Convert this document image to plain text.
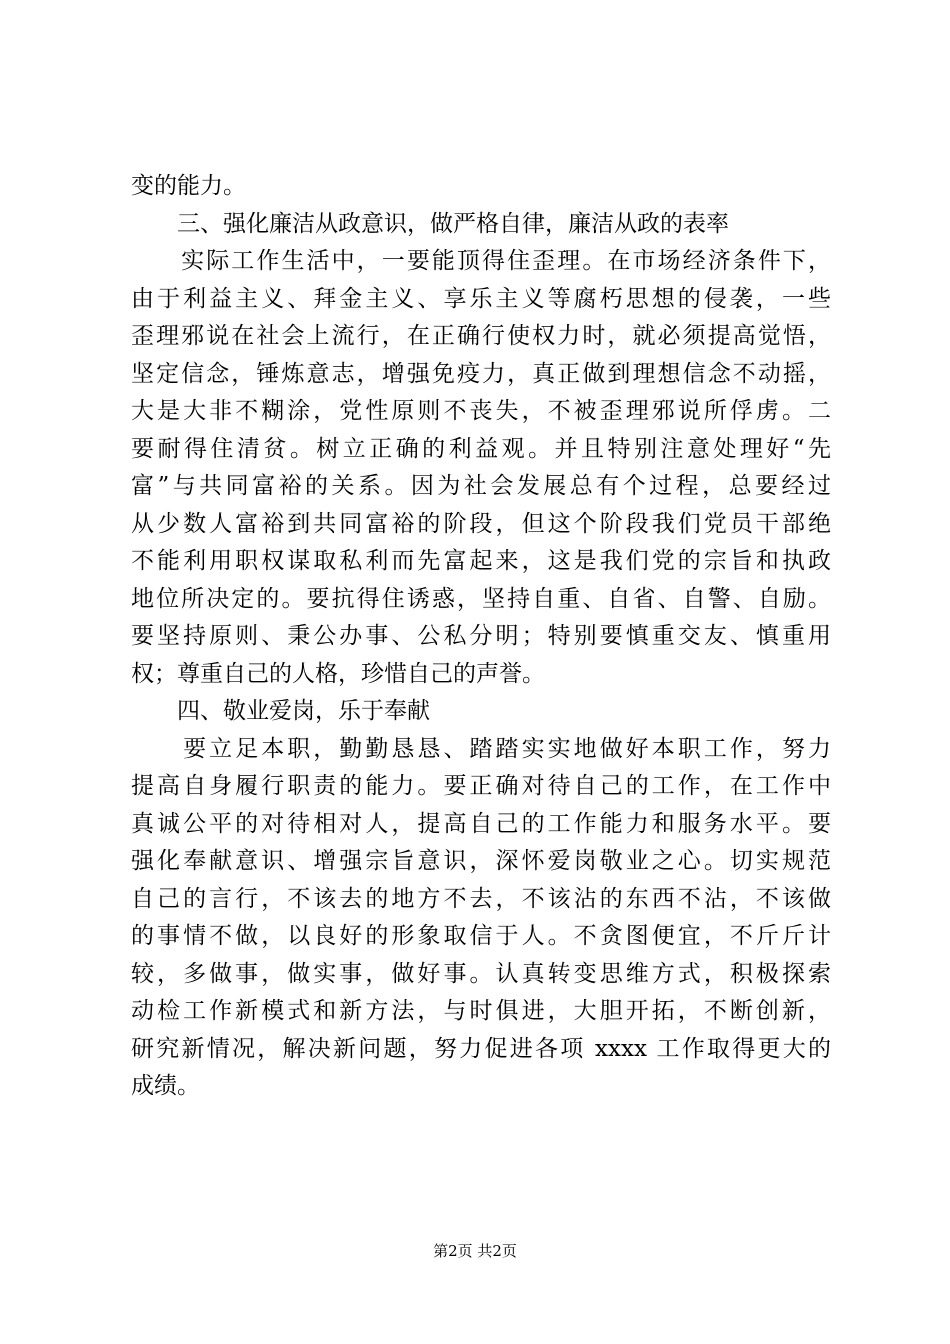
变的能力。
　　三、强化廉洁从政意识，做严格自律，廉洁从政的表率
　　实际工作生活中，一要能顶得住歪理。在市场经济条件下，
由于利益主义、拜金主义、享乐主义等腐朽思想的侵袭，一些
歪理邪说在社会上流行，在正确行使权力时，就必须提高觉悟，
坚定信念，锤炼意志，增强免疫力，真正做到理想信念不动摇，
大是大非不糊涂，党性原则不丧失，不被歪理邪说所俘虏。二
要耐得住清贫。树立正确的利益观。并且特别注意处理好“先
富”与共同富裕的关系。因为社会发展总有个过程，总要经过
从少数人富裕到共同富裕的阶段，但这个阶段我们党员干部绝
不能利用职权谋取私利而先富起来，这是我们党的宗旨和执政
地位所决定的。要抗得住诱惑，坚持自重、自省、自警、自励。
要坚持原则、秉公办事、公私分明；特别要慎重交友、慎重用
权；尊重自己的人格，珍惜自己的声誉。
　　四、敬业爱岗，乐于奉献
　　要立足本职，勤勤恳恳、踏踏实实地做好本职工作，努力
提高自身履行职责的能力。要正确对待自己的工作，在工作中
真诚公平的对待相对人，提高自己的工作能力和服务水平。要
强化奉献意识、增强宗旨意识，深怀爱岗敬业之心。切实规范
自己的言行，不该去的地方不去，不该沾的东西不沾，不该做
的事情不做，以良好的形象取信于人。不贪图便宜，不斤斤计
较，多做事，做实事，做好事。认真转变思维方式，积极探索
动检工作新模式和新方法，与时俱进，大胆开拓，不断创新，
研究新情况，解决新问题，努力促进各项 xxxx 工作取得更大的
成绩。
第2页 共2页
